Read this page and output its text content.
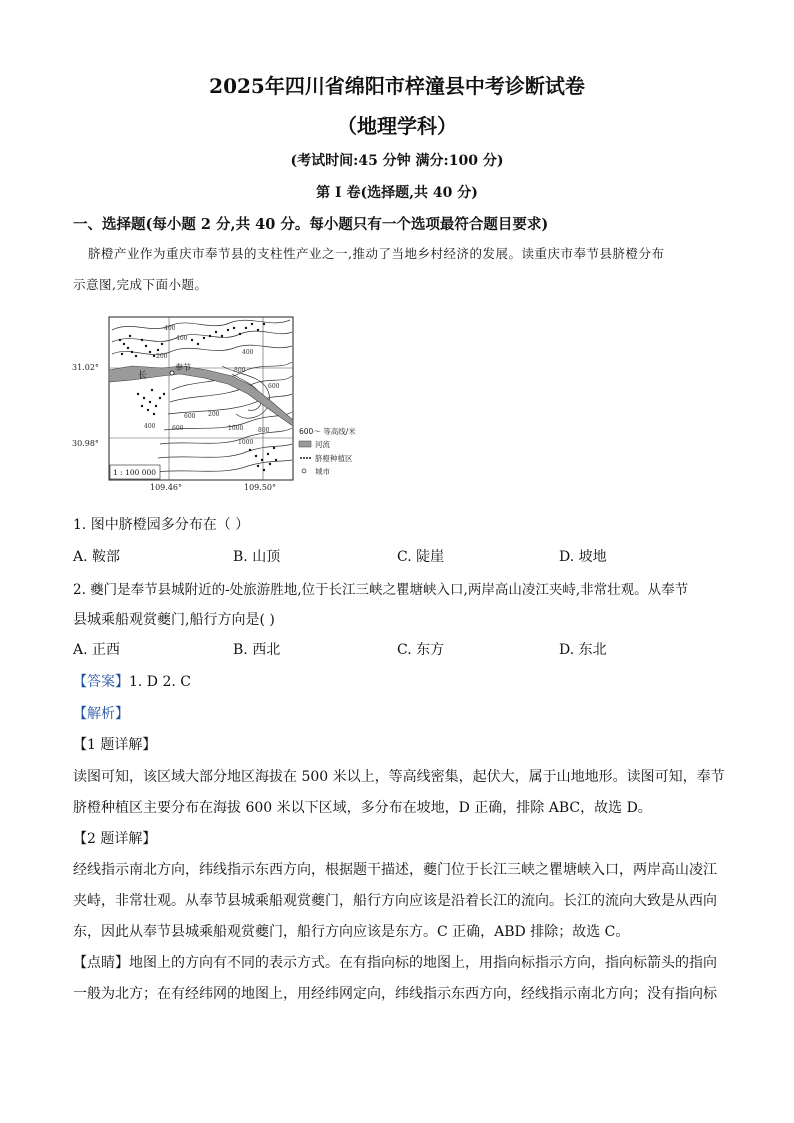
2025年四川省绵阳市梓潼县中考诊断试卷
（地理学科）
(考试时间:45 分钟 满分:100 分)
第 I 卷(选择题,共 40 分)
一、选择题(每小题 2 分,共 40 分。每小题只有一个选项最符合题目要求)
脐橙产业作为重庆市奉节县的支柱性产业之一,推动了当地乡村经济的发展。读重庆市奉节县脐橙分布
示意图,完成下面小题。
31.02°
30.98°
109.46°	109.50°
长
奉节
400
400
200
400
800
1000
1000
600
600
200
600	800
400
1 : 100 000
600～ 等高线/米
河流
脐橙种植区
城市
1. 图中脐橙园多分布在（ ）
A. 鞍部	B. 山顶	C. 陡崖	D. 坡地
2. 夔门是奉节县城附近的-处旅游胜地,位于长江三峡之瞿塘峡入口,两岸高山凌江夹峙,非常壮观。从奉节
县城乘船观赏夔门,船行方向是( )
A. 正西	B. 西北	C. 东方	D. 东北
【答案】1. D 2. C
【解析】
【1 题详解】
读图可知，该区域大部分地区海拔在 500 米以上，等高线密集，起伏大，属于山地地形。读图可知，奉节
脐橙种植区主要分布在海拔 600 米以下区域，多分布在坡地，D 正确，排除 ABC，故选 D。
【2 题详解】
经线指示南北方向，纬线指示东西方向，根据题干描述，夔门位于长江三峡之瞿塘峡入口，两岸高山凌江
夹峙，非常壮观。从奉节县城乘船观赏夔门，船行方向应该是沿着长江的流向。长江的流向大致是从西向
东，因此从奉节县城乘船观赏夔门，船行方向应该是东方。C 正确，ABD 排除；故选 C。
【点睛】地图上的方向有不同的表示方式。在有指向标的地图上，用指向标指示方向，指向标箭头的指向
一般为北方；在有经纬网的地图上，用经纬网定向，纬线指示东西方向，经线指示南北方向；没有指向标
